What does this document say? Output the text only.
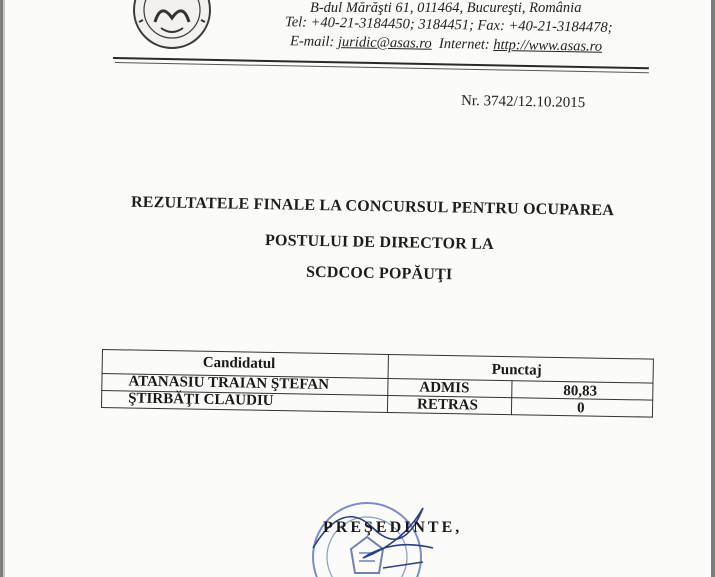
B-dul Mărăşti 61, 011464, Bucureşti, România
Tel: +40-21-3184450; 3184451; Fax: +40-21-3184478;
E-mail: juridic@asas.ro Internet: http://www.asas.ro
Nr. 3742/12.10.2015
REZULTATELE FINALE LA CONCURSUL PENTRU OCUPAREA
POSTULUI DE DIRECTOR LA
SCDCOC POPĂUŢI
Candidatul	Punctaj
ATANASIU TRAIAN ŞTEFAN	ADMIS	80,83
ŞTIRBĂŢI CLAUDIU	RETRAS	0
PREŞEDINTE,
